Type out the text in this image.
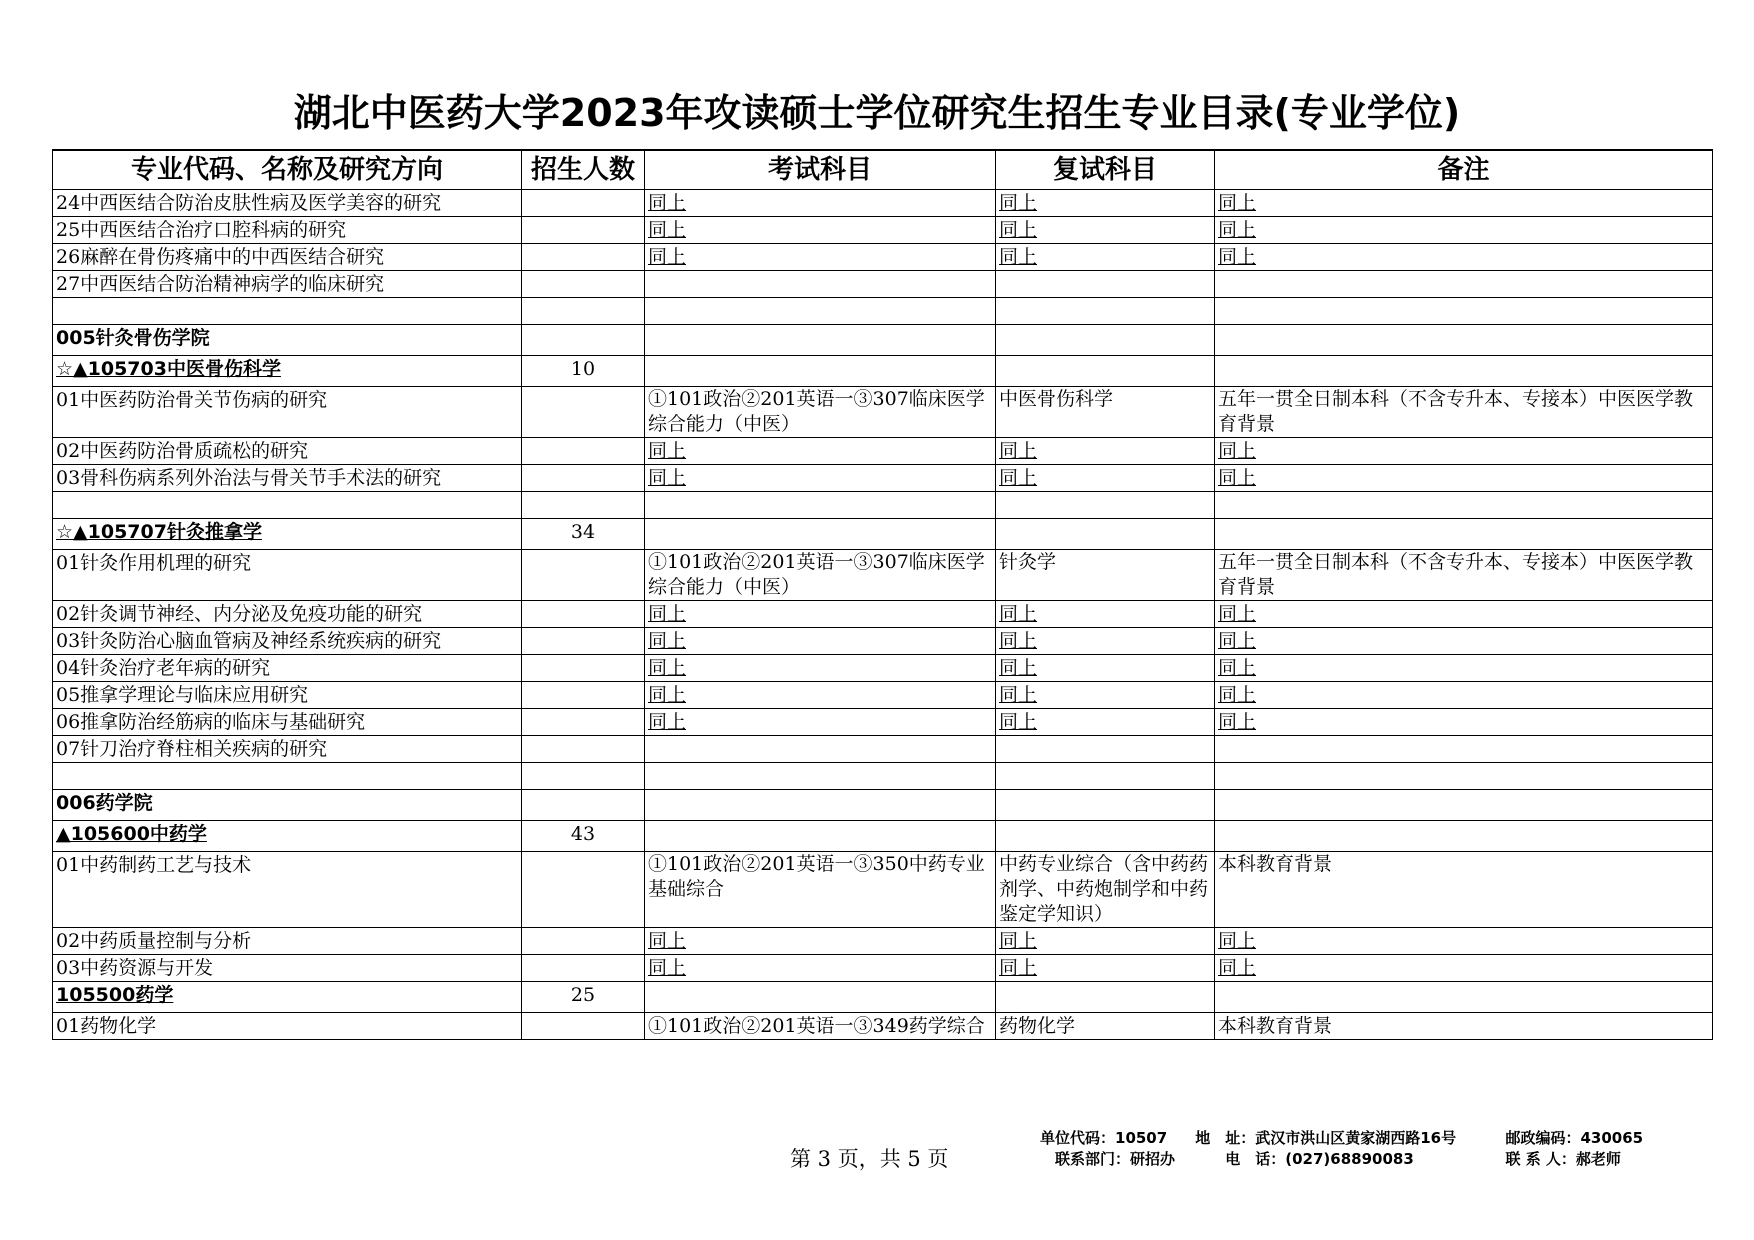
湖北中医药大学2023年攻读硕士学位研究生招生专业目录(专业学位)
专业代码、名称及研究方向	招生人数	考试科目	复试科目	备注
24中西医结合防治皮肤性病及医学美容的研究		同上	同上	同上
25中西医结合治疗口腔科病的研究		同上	同上	同上
26麻醉在骨伤疼痛中的中西医结合研究		同上	同上	同上
27中西医结合防治精神病学的临床研究				

005针灸骨伤学院				
☆▲105703中医骨伤科学	10			
01中医药防治骨关节伤病的研究		①101政治②201英语一③307临床医学综合能力（中医）	中医骨伤科学	五年一贯全日制本科（不含专升本、专接本）中医医学教育背景
02中医药防治骨质疏松的研究		同上	同上	同上
03骨科伤病系列外治法与骨关节手术法的研究		同上	同上	同上

☆▲105707针灸推拿学	34			
01针灸作用机理的研究		①101政治②201英语一③307临床医学综合能力（中医）	针灸学	五年一贯全日制本科（不含专升本、专接本）中医医学教育背景
02针灸调节神经、内分泌及免疫功能的研究		同上	同上	同上
03针灸防治心脑血管病及神经系统疾病的研究		同上	同上	同上
04针灸治疗老年病的研究		同上	同上	同上
05推拿学理论与临床应用研究		同上	同上	同上
06推拿防治经筋病的临床与基础研究		同上	同上	同上
07针刀治疗脊柱相关疾病的研究				

006药学院				
▲105600中药学	43			
01中药制药工艺与技术		①101政治②201英语一③350中药专业基础综合	中药专业综合（含中药药剂学、中药炮制学和中药鉴定学知识）	本科教育背景
02中药质量控制与分析		同上	同上	同上
03中药资源与开发		同上	同上	同上
105500药学	25			
01药物化学		①101政治②201英语一③349药学综合	药物化学	本科教育背景
第 3 页，共 5 页
单位代码：10507 地　址：武汉市洪山区黄家湖西路16号	邮政编码：430065
联系部门：研招办	电　话：(027)68890083	联 系 人：郝老师
